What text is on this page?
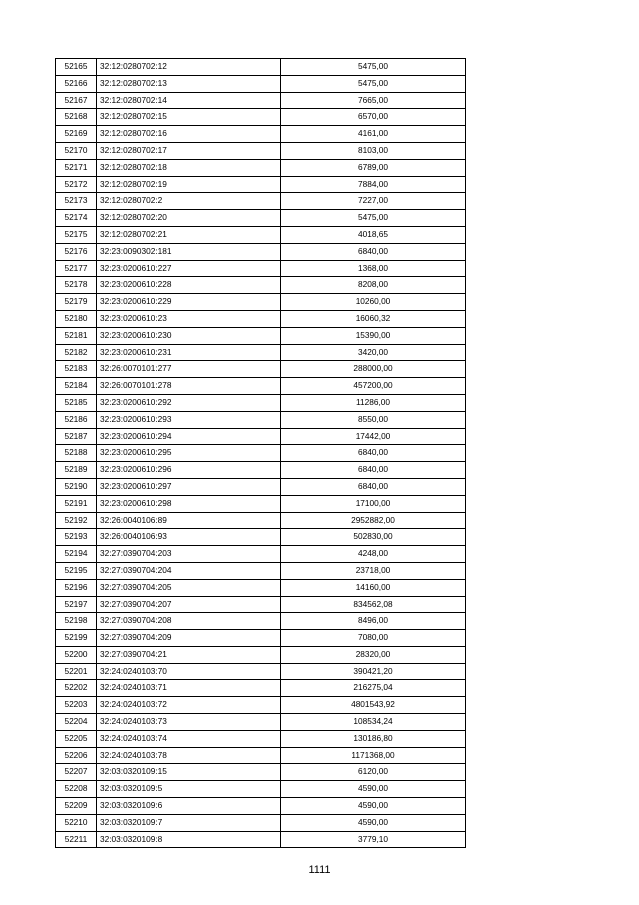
52165	32:12:0280702:12	5475,00
52166	32:12:0280702:13	5475,00
52167	32:12:0280702:14	7665,00
52168	32:12:0280702:15	6570,00
52169	32:12:0280702:16	4161,00
52170	32:12:0280702:17	8103,00
52171	32:12:0280702:18	6789,00
52172	32:12:0280702:19	7884,00
52173	32:12:0280702:2	7227,00
52174	32:12:0280702:20	5475,00
52175	32:12:0280702:21	4018,65
52176	32:23:0090302:181	6840,00
52177	32:23:0200610:227	1368,00
52178	32:23:0200610:228	8208,00
52179	32:23:0200610:229	10260,00
52180	32:23:0200610:23	16060,32
52181	32:23:0200610:230	15390,00
52182	32:23:0200610:231	3420,00
52183	32:26:0070101:277	288000,00
52184	32:26:0070101:278	457200,00
52185	32:23:0200610:292	11286,00
52186	32:23:0200610:293	8550,00
52187	32:23:0200610:294	17442,00
52188	32:23:0200610:295	6840,00
52189	32:23:0200610:296	6840,00
52190	32:23:0200610:297	6840,00
52191	32:23:0200610:298	17100,00
52192	32:26:0040106:89	2952882,00
52193	32:26:0040106:93	502830,00
52194	32:27:0390704:203	4248,00
52195	32:27:0390704:204	23718,00
52196	32:27:0390704:205	14160,00
52197	32:27:0390704:207	834562,08
52198	32:27:0390704:208	8496,00
52199	32:27:0390704:209	7080,00
52200	32:27:0390704:21	28320,00
52201	32:24:0240103:70	390421,20
52202	32:24:0240103:71	216275,04
52203	32:24:0240103:72	4801543,92
52204	32:24:0240103:73	108534,24
52205	32:24:0240103:74	130186,80
52206	32:24:0240103:78	1171368,00
52207	32:03:0320109:15	6120,00
52208	32:03:0320109:5	4590,00
52209	32:03:0320109:6	4590,00
52210	32:03:0320109:7	4590,00
52211	32:03:0320109:8	3779,10
1111
